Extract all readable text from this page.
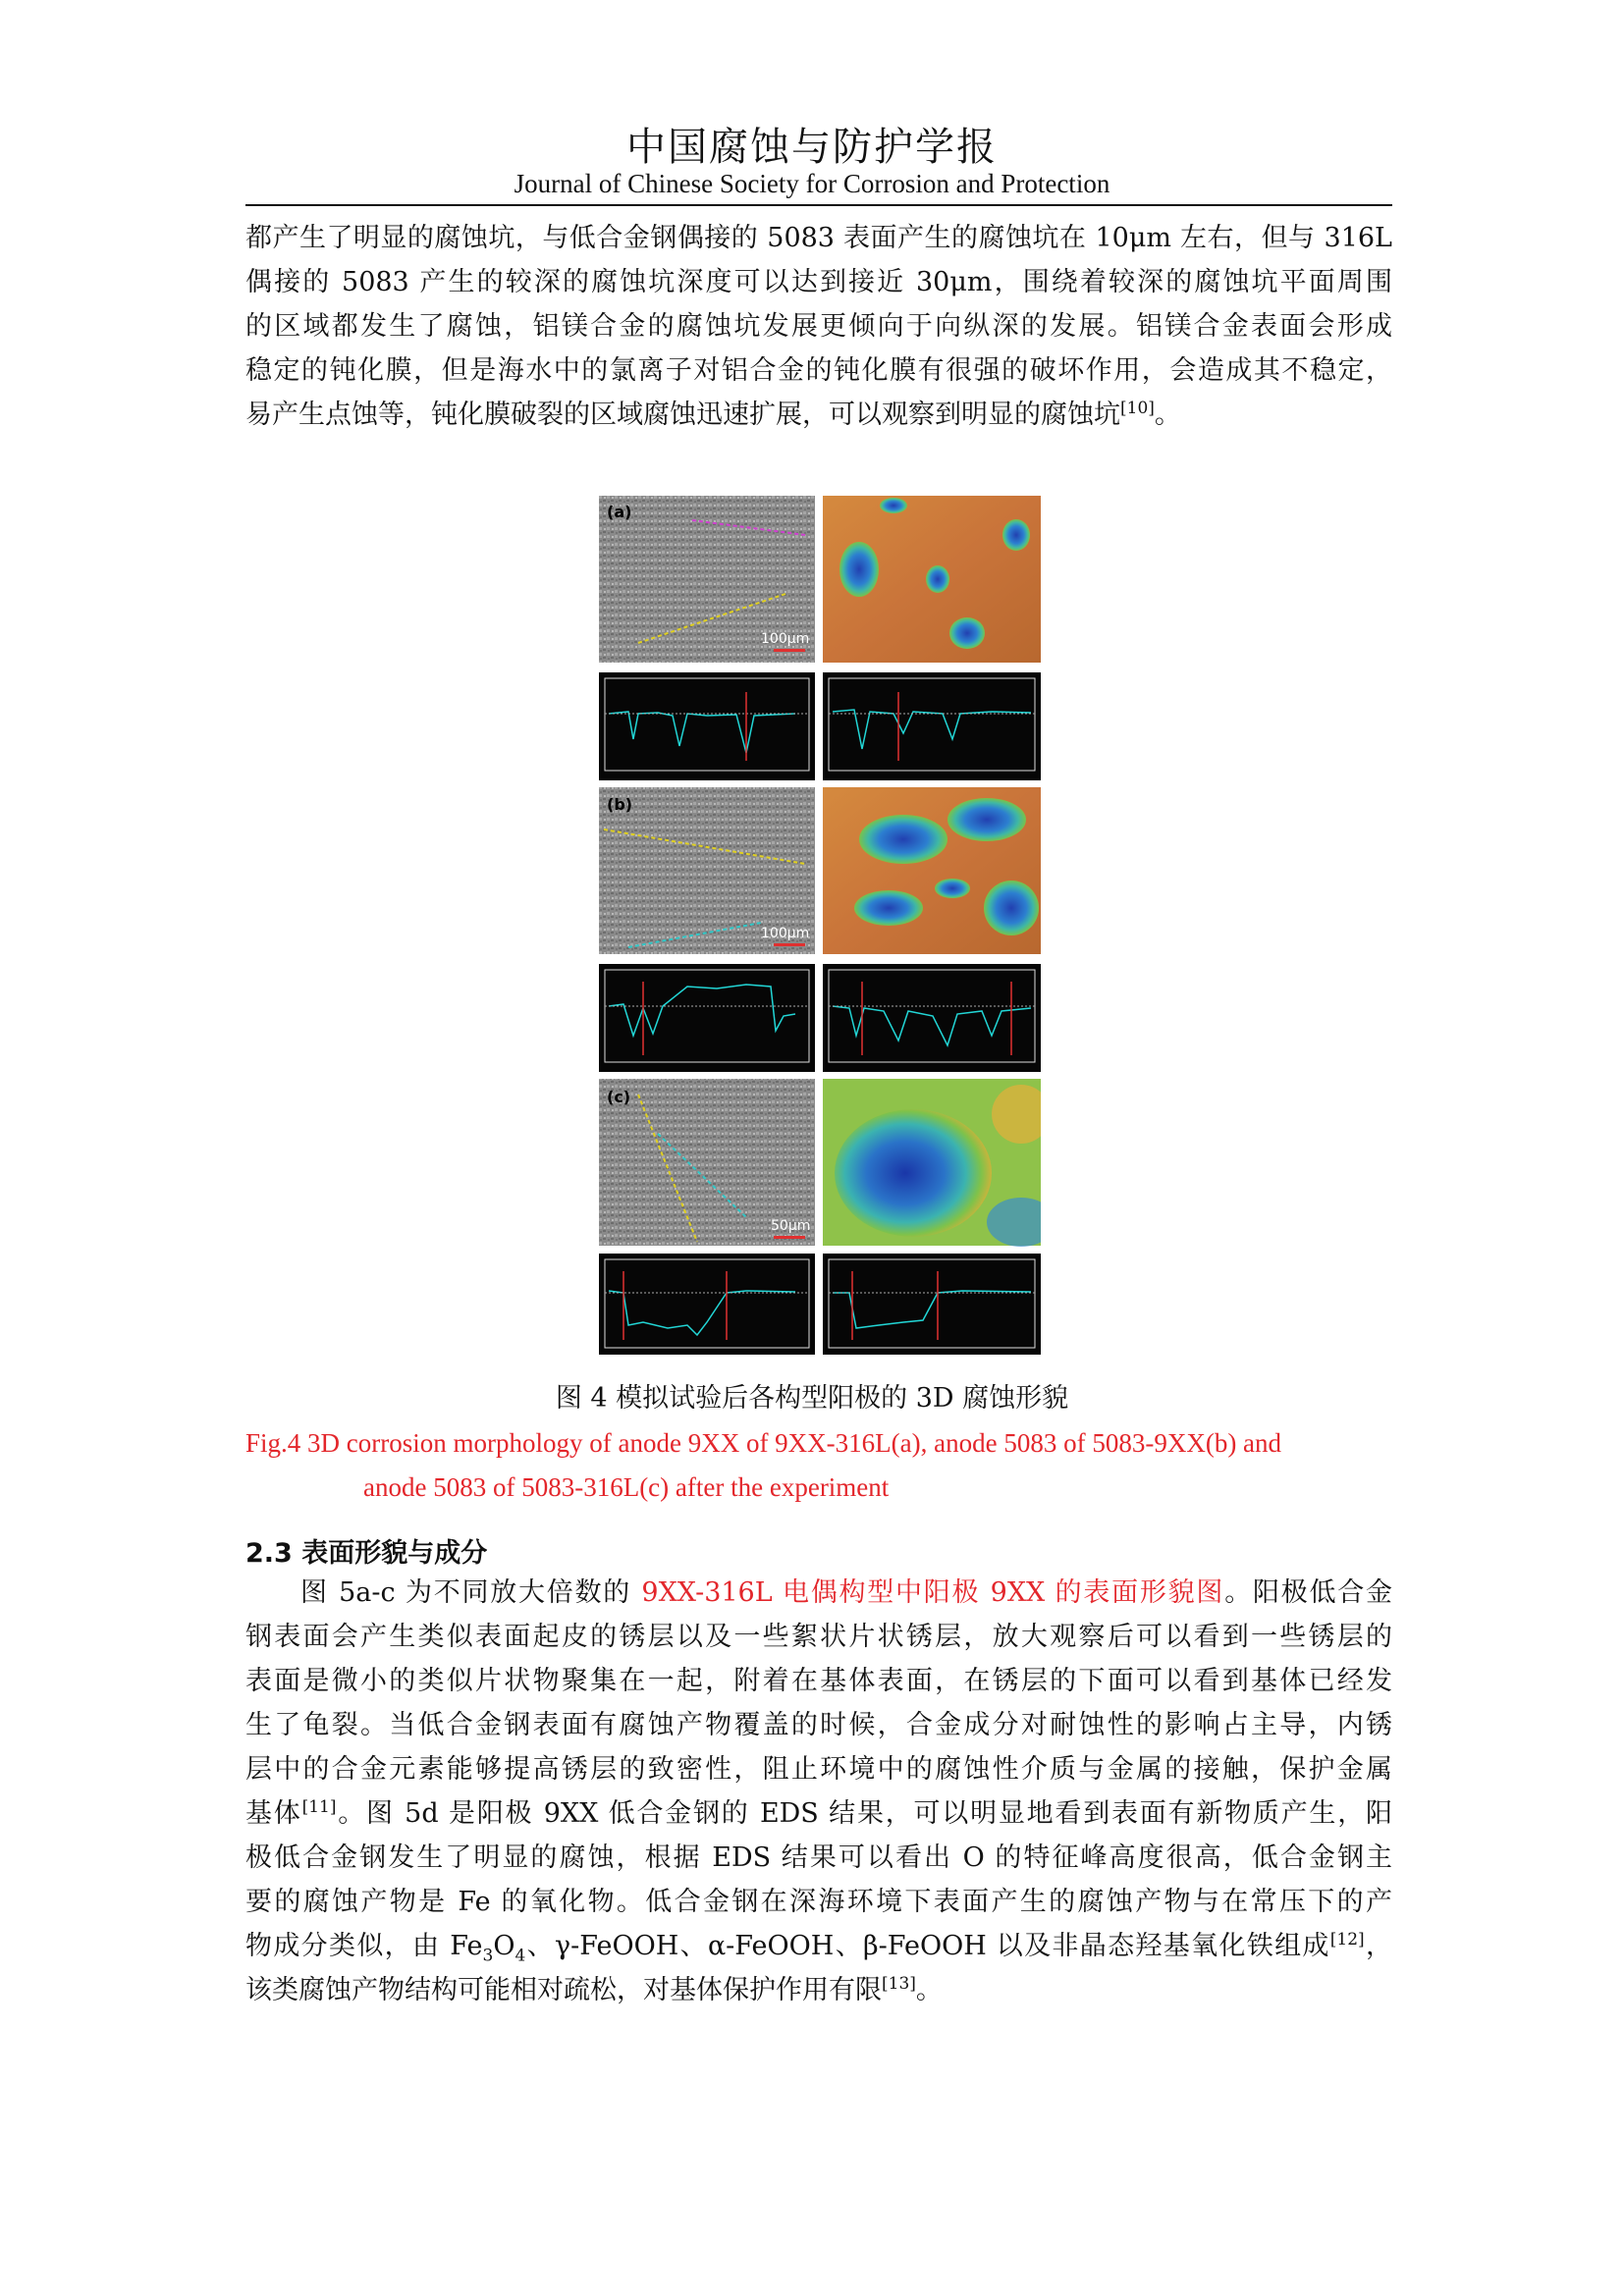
中国腐蚀与防护学报
Journal of Chinese Society for Corrosion and Protection
都产生了明显的腐蚀坑，与低合金钢偶接的 5083 表面产生的腐蚀坑在 10μm 左右，但与 316L
偶接的 5083 产生的较深的腐蚀坑深度可以达到接近 30μm，围绕着较深的腐蚀坑平面周围
的区域都发生了腐蚀，铝镁合金的腐蚀坑发展更倾向于向纵深的发展。铝镁合金表面会形成
稳定的钝化膜，但是海水中的氯离子对铝合金的钝化膜有很强的破坏作用，会造成其不稳定，
易产生点蚀等，钝化膜破裂的区域腐蚀迅速扩展，可以观察到明显的腐蚀坑[10]。
(a)
100μm
(b)
100μm
(c)
50μm
图 4 模拟试验后各构型阳极的 3D 腐蚀形貌
Fig.4 3D corrosion morphology of anode 9XX of 9XX-316L(a), anode 5083 of 5083-9XX(b) and
anode 5083 of 5083-316L(c) after the experiment
2.3 表面形貌与成分
图 5a-c 为不同放大倍数的 9XX-316L 电偶构型中阳极 9XX 的表面形貌图。阳极低合金
钢表面会产生类似表面起皮的锈层以及一些絮状片状锈层，放大观察后可以看到一些锈层的
表面是微小的类似片状物聚集在一起，附着在基体表面，在锈层的下面可以看到基体已经发
生了龟裂。当低合金钢表面有腐蚀产物覆盖的时候，合金成分对耐蚀性的影响占主导，内锈
层中的合金元素能够提高锈层的致密性，阻止环境中的腐蚀性介质与金属的接触，保护金属
基体[11]。图 5d 是阳极 9XX 低合金钢的 EDS 结果，可以明显地看到表面有新物质产生，阳
极低合金钢发生了明显的腐蚀，根据 EDS 结果可以看出 O 的特征峰高度很高，低合金钢主
要的腐蚀产物是 Fe 的氧化物。低合金钢在深海环境下表面产生的腐蚀产物与在常压下的产
物成分类似，由 $Fe_3O_4$、γ-FeOOH、α-FeOOH、β-FeOOH 以及非晶态羟基氧化铁组成[12]，
该类腐蚀产物结构可能相对疏松，对基体保护作用有限[13]。
